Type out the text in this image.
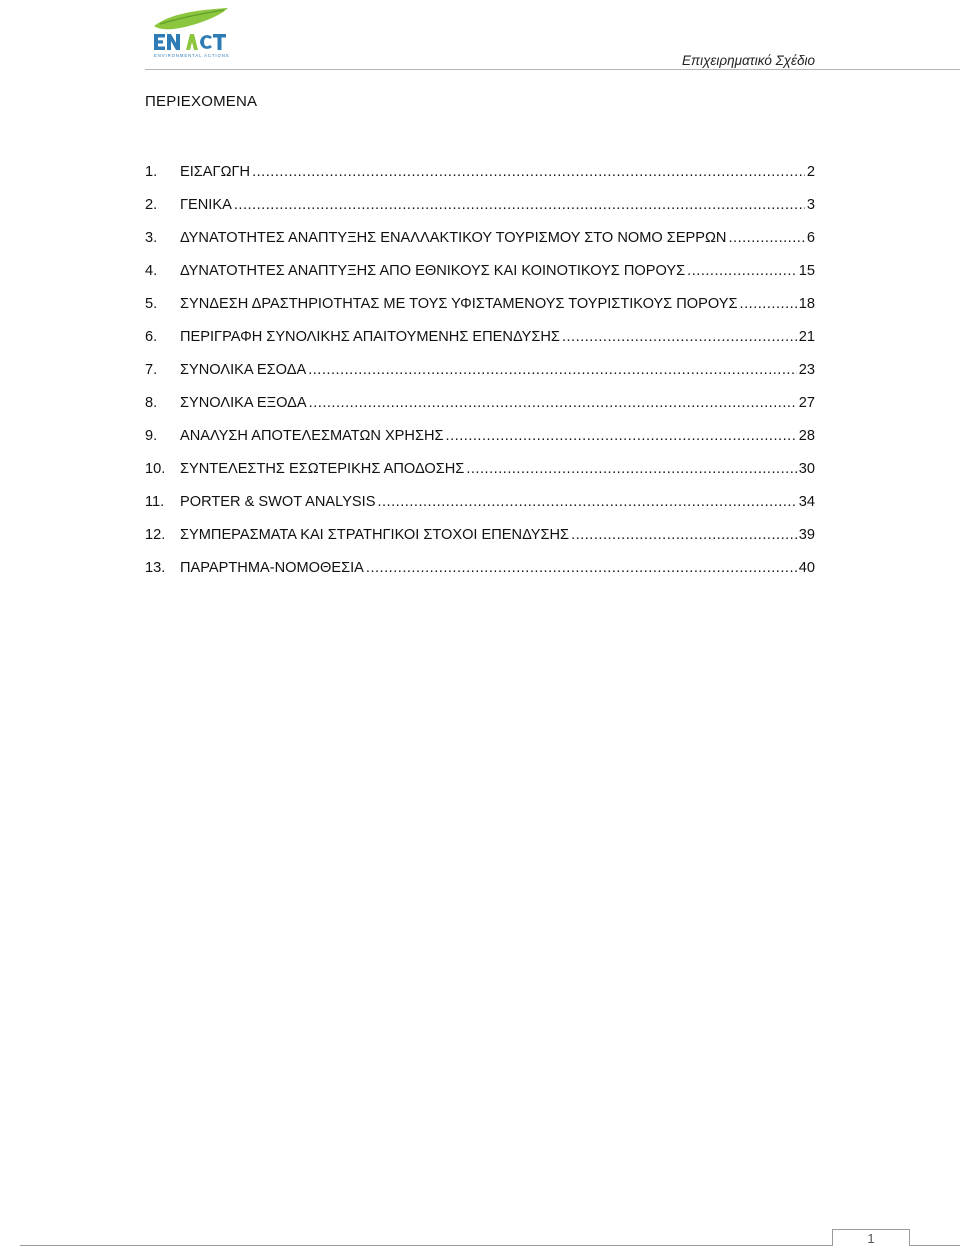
ENVIRONMENTAL ACTIONS	Επιχειρηματικό Σχέδιο
ΠΕΡΙΕΧΟΜΕΝΑ
1.	ΕΙΣΑΓΩΓΗ .....	2
2.	ΓΕΝΙΚΑ .....	3
3.	ΔΥΝΑΤΟΤΗΤΕΣ ΑΝΑΠΤΥΞΗΣ ΕΝΑΛΛΑΚΤΙΚΟΥ ΤΟΥΡΙΣΜΟΥ ΣΤΟ ΝΟΜΟ ΣΕΡΡΩΝ .....	6
4.	ΔΥΝΑΤΟΤΗΤΕΣ ΑΝΑΠΤΥΞΗΣ ΑΠΟ ΕΘΝΙΚΟΥΣ ΚΑΙ ΚΟΙΝΟΤΙΚΟΥΣ ΠΟΡΟΥΣ .....	15
5.	ΣΥΝΔΕΣΗ ΔΡΑΣΤΗΡΙΟΤΗΤΑΣ ΜΕ ΤΟΥΣ ΥΦΙΣΤΑΜΕΝΟΥΣ ΤΟΥΡΙΣΤΙΚΟΥΣ ΠΟΡΟΥΣ .....	18
6.	ΠΕΡΙΓΡΑΦΗ ΣΥΝΟΛΙΚΗΣ ΑΠΑΙΤΟΥΜΕΝΗΣ ΕΠΕΝΔΥΣΗΣ .....	21
7.	ΣΥΝΟΛΙΚΑ ΕΣΟΔΑ .....	23
8.	ΣΥΝΟΛΙΚΑ ΕΞΟΔΑ .....	27
9.	ΑΝΑΛΥΣΗ ΑΠΟΤΕΛΕΣΜΑΤΩΝ ΧΡΗΣΗΣ .....	28
10.	ΣΥΝΤΕΛΕΣΤΗΣ ΕΣΩΤΕΡΙΚΗΣ ΑΠΟΔΟΣΗΣ .....	30
11.	PORTER & SWOT ANALYSIS .....	34
12.	ΣΥΜΠΕΡΑΣΜΑΤΑ ΚΑΙ ΣΤΡΑΤΗΓΙΚΟΙ ΣΤΟΧΟΙ ΕΠΕΝΔΥΣΗΣ .....	39
13.	ΠΑΡΑΡΤΗΜΑ-ΝΟΜΟΘΕΣΙΑ .....	40
1
